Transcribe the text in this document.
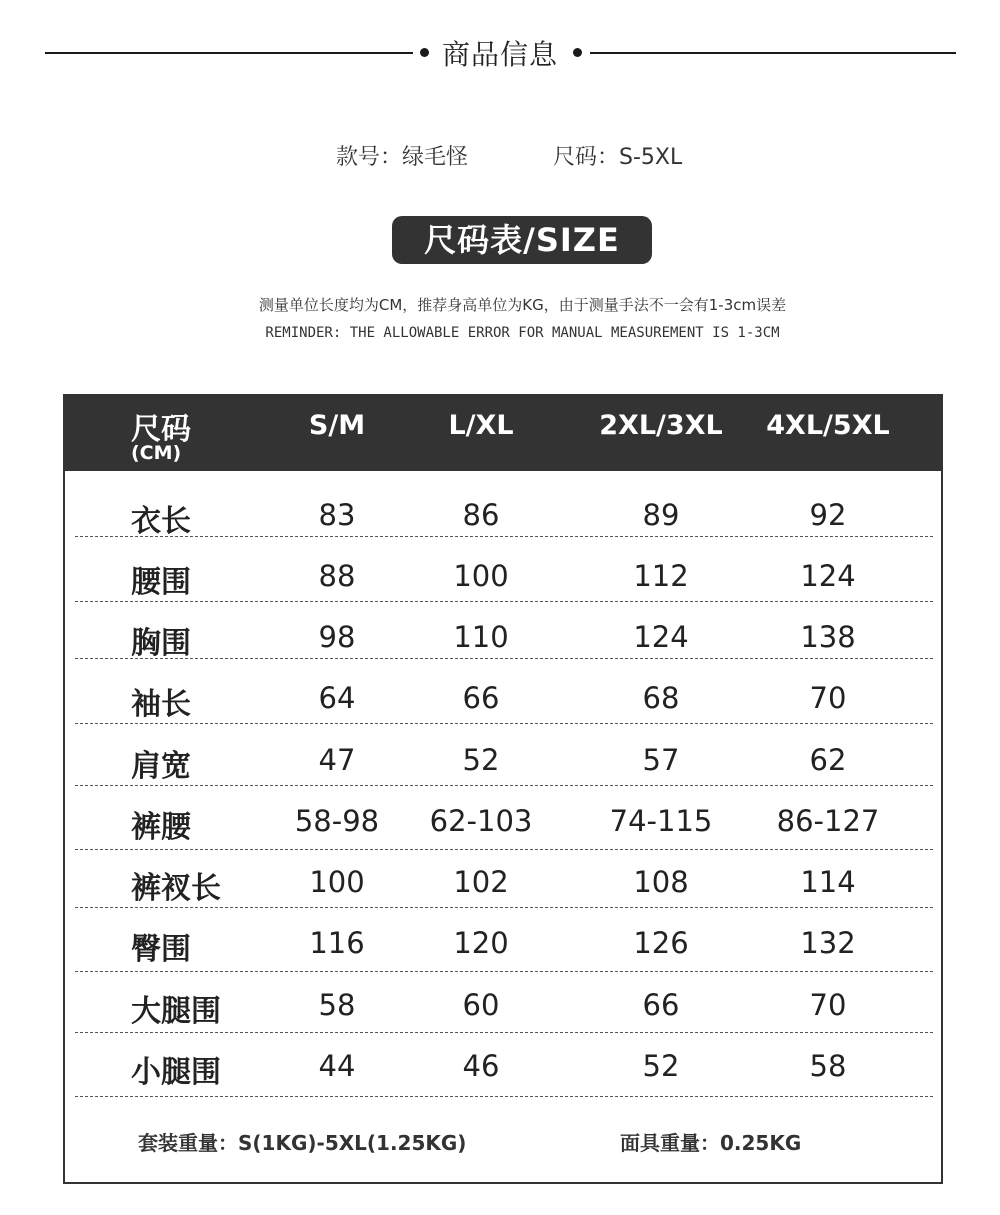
商品信息
款号：绿毛怪	尺码：S-5XL
尺码表/SIZE
测量单位长度均为CM，推荐身高单位为KG，由于测量手法不一会有1-3cm误差
REMINDER: THE ALLOWABLE ERROR FOR MANUAL MEASUREMENT IS 1-3CM
尺码
(CM)
S/M	L/XL	2XL/3XL	4XL/5XL
衣长	83	86	89	92
腰围	88	100	112	124
胸围	98	110	124	138
袖长	64	66	68	70
肩宽	47	52	57	62
裤腰	58-98	62-103	74-115	86-127
裤衩长	100	102	108	114
臀围	116	120	126	132
大腿围	58	60	66	70
小腿围	44	46	52	58
套装重量：S(1KG)-5XL(1.25KG)	面具重量：0.25KG
